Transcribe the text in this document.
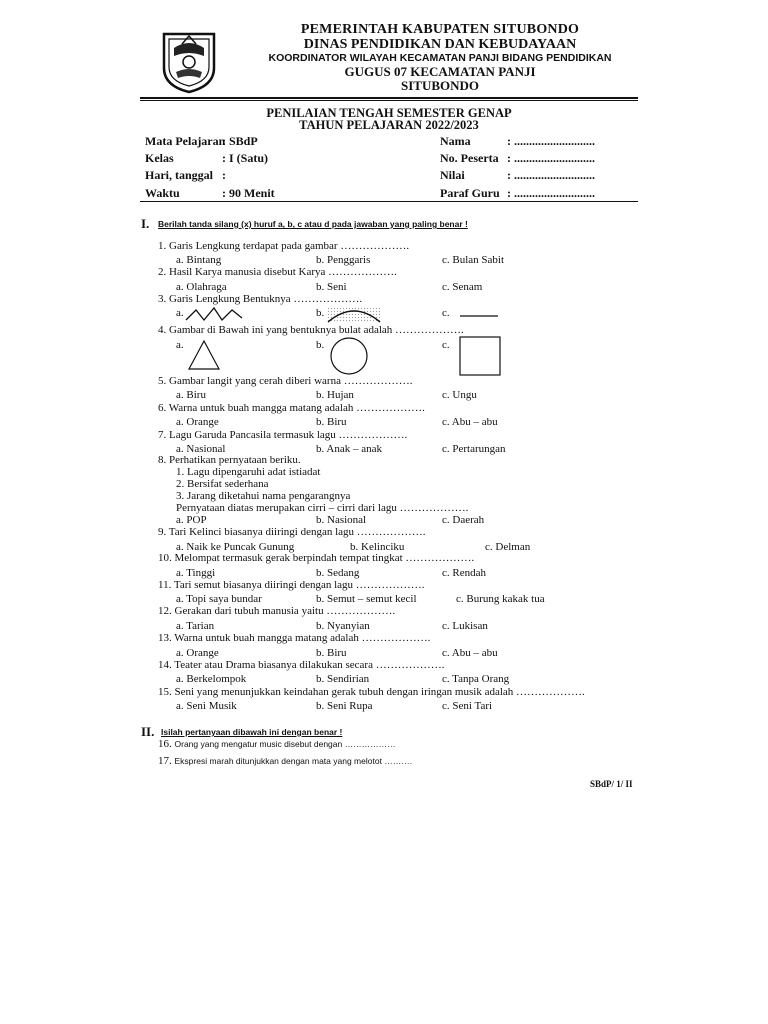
PEMERINTAH KABUPATEN SITUBONDO
DINAS PENDIDIKAN DAN KEBUDAYAAN
KOORDINATOR WILAYAH KECAMATAN PANJI BIDANG PENDIDIKAN
GUGUS 07 KECAMATAN PANJI
SITUBONDO
PENILAIAN TENGAH SEMESTER GENAP
TAHUN PELAJARAN 2022/2023
Mata Pelajaran
: SBdP
Kelas	: I (Satu)
Hari, tanggal :
Waktu	: 90 Menit
Nama	: ...........................
No. Peserta : ...........................
Nilai	: ...........................
Paraf Guru : ...........................
I. Berilah tanda silang (x) huruf a, b, c atau d pada jawaban yang paling benar !
1. Garis Lengkung terdapat pada gambar ……………….
a. Bintang	b. Penggaris	c. Bulan Sabit
2. Hasil Karya manusia disebut Karya ……………….
a. Olahraga	b. Seni	c. Senam
3. Garis Lengkung Bentuknya ……………….
a.	b.	c.
4. Gambar di Bawah ini yang bentuknya bulat adalah ……………….
a.	b.	c.
5. Gambar langit yang cerah diberi warna ……………….
a. Biru	b. Hujan	c. Ungu
6. Warna untuk buah mangga matang adalah ……………….
a. Orange	b. Biru	c. Abu – abu
7. Lagu Garuda Pancasila termasuk lagu ……………….
a. Nasional	b. Anak – anak	c. Pertarungan
8. Perhatikan pernyataan beriku.
1. Lagu dipengaruhi adat istiadat
2. Bersifat sederhana
3. Jarang diketahui nama pengarangnya
Pernyataan diatas merupakan cirri – cirri dari lagu ……………….
a. POP	b. Nasional	c. Daerah
9. Tari Kelinci biasanya diiringi dengan lagu ……………….
a. Naik ke Puncak Gunung	b. Kelinciku	c. Delman
10. Melompat termasuk gerak berpindah tempat tingkat ……………….
a. Tinggi	b. Sedang	c. Rendah
11. Tari semut biasanya diiringi dengan lagu ……………….
a. Topi saya bundar	b. Semut – semut kecil	c. Burung kakak tua
12. Gerakan dari tubuh manusia yaitu ……………….
a. Tarian	b. Nyanyian	c. Lukisan
13. Warna untuk buah mangga matang adalah ……………….
a. Orange	b. Biru	c. Abu – abu
14. Teater atau Drama biasanya dilakukan secara ……………….
a. Berkelompok	b. Sendirian	c. Tanpa Orang
15. Seni yang menunjukkan keindahan gerak tubuh dengan iringan musik adalah ……………….
a. Seni Musik	b. Seni Rupa	c. Seni Tari
II. Isilah pertanyaan dibawah ini dengan benar !
16. Orang yang mengatur music disebut dengan ………………
17. Ekspresi marah ditunjukkan dengan mata yang melotot ……….
SBdP/ 1/ II
